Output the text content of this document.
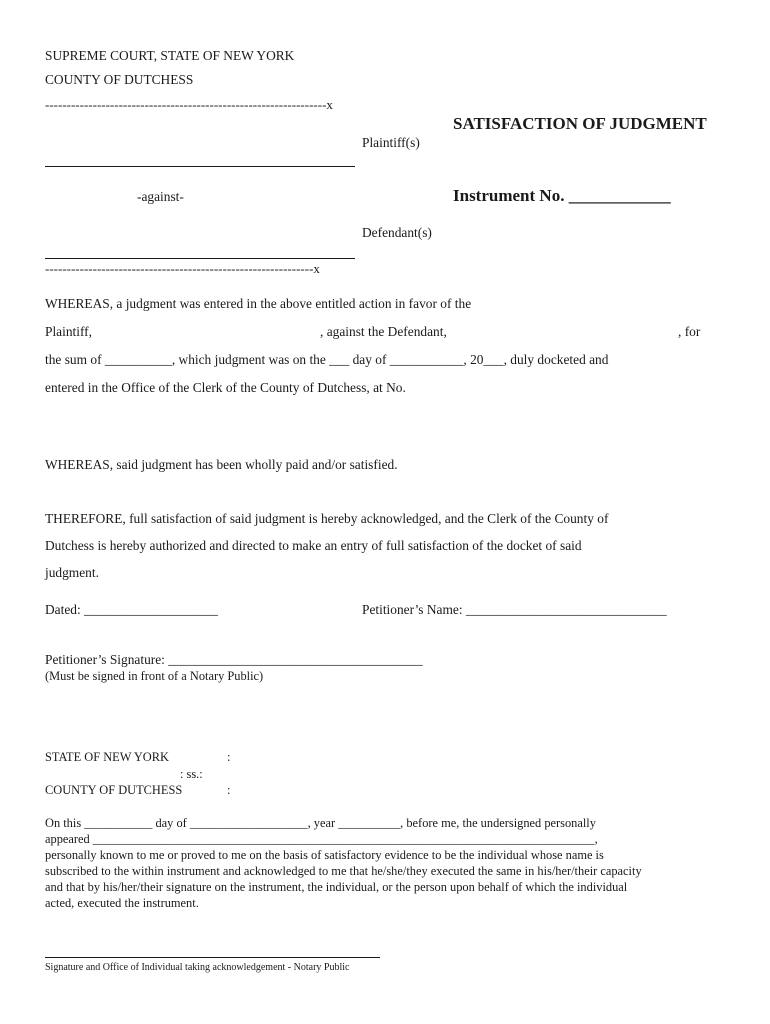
SUPREME COURT, STATE OF NEW YORK
COUNTY OF DUTCHESS
-----------------------------------------------------------------x
SATISFACTION OF JUDGMENT
Plaintiff(s)
-against-	Instrument No. ____________
Defendant(s)
--------------------------------------------------------------x
WHEREAS, a judgment was entered in the above entitled action in favor of the
Plaintiff,	, against the Defendant,	, for
the sum of __________, which judgment was on the ___ day of ___________, 20___, duly docketed and
entered in the Office of the Clerk of the County of Dutchess, at No.
WHEREAS, said judgment has been wholly paid and/or satisfied.
THEREFORE, full satisfaction of said judgment is hereby acknowledged, and the Clerk of the County of
Dutchess is hereby authorized and directed to make an entry of full satisfaction of the docket of said
judgment.
Dated: ____________________	Petitioner’s Name: ______________________________
Petitioner’s Signature: ______________________________________
(Must be signed in front of a Notary Public)
STATE OF NEW YORK	:
: ss.:
COUNTY OF DUTCHESS	:
On this ___________ day of ___________________, year __________, before me, the undersigned personally
appeared _________________________________________________________________________________,
personally known to me or proved to me on the basis of satisfactory evidence to be the individual whose name is
subscribed to the within instrument and acknowledged to me that he/she/they executed the same in his/her/their capacity
and that by his/her/their signature on the instrument, the individual, or the person upon behalf of which the individual
acted, executed the instrument.
Signature and Office of Individual taking acknowledgement - Notary Public
